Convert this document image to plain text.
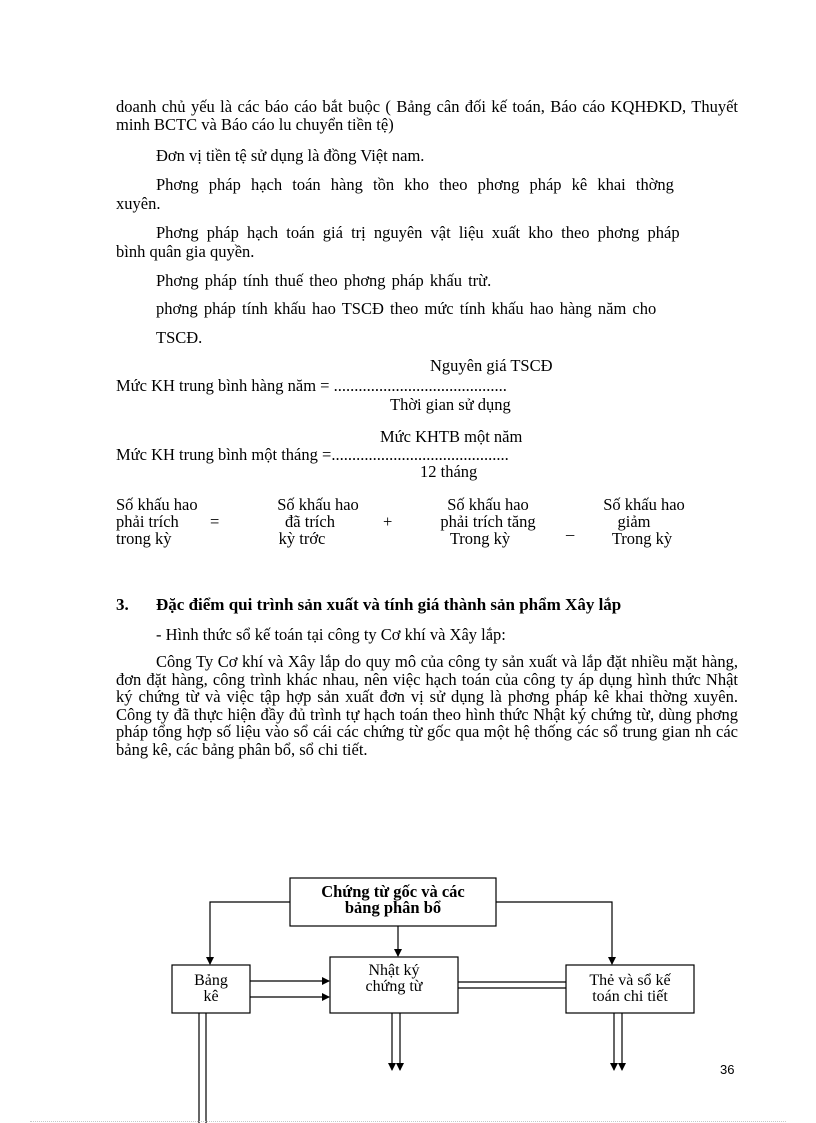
doanh chủ yếu là các báo cáo bắt buộc ( Bảng cân đối kế toán, Báo cáo KQHĐKD, Thuyết minh BCTC và Báo cáo lu chuyển tiền tệ)

Đơn vị tiền tệ sử dụng là đồng Việt nam.

Phơng pháp hạch toán hàng tồn kho theo phơng pháp kê khai thờng

xuyên.

Phơng pháp hạch toán giá trị nguyên vật liệu xuất kho theo phơng pháp

bình quân gia quyền.

Phơng pháp tính thuế theo phơng pháp khấu trừ.

phơng pháp tính khấu hao TSCĐ theo mức tính khấu hao hàng năm cho

TSCĐ.

Nguyên giá TSCĐ

Mức KH trung bình hàng năm = ..........................................

Thời gian sử dụng

Mức KHTB một năm

Mức KH trung bình một tháng =...........................................

12 tháng

Số khấu hao

phải trích

trong kỳ

=

Số khấu hao

đã trích

kỳ trớc

+

Số khấu hao

phải trích tăng

Trong kỳ

_

Số khấu hao

giảm

Trong kỳ

3. Đặc điểm qui trình sản xuất và tính giá thành sản phẩm Xây lắp

- Hình thức sổ kế toán tại công ty Cơ khí và Xây lắp:

Công Ty Cơ khí và Xây lắp do quy mô của công ty sản xuất và lắp đặt nhiều mặt hàng, đơn đặt hàng, công trình khác nhau, nên việc hạch toán của công ty áp dụng hình thức Nhật ký chứng từ và việc tập hợp sản xuất đơn vị sử dụng là phơng pháp kê khai thờng xuyên. Công ty đã thực hiện đầy đủ trình tự hạch toán theo hình thức Nhật ký chứng từ, dùng phơng pháp tổng hợp số liệu vào sổ cái các chứng từ gốc qua một hệ thống các sổ trung gian nh các bảng kê, các bảng phân bổ, sổ chi tiết.

Chứng từ gốc và các
bảng phân bổ
Bảng
kê
Nhật ký
chứng từ	Thẻ và sổ kế
toán chi tiết
36
